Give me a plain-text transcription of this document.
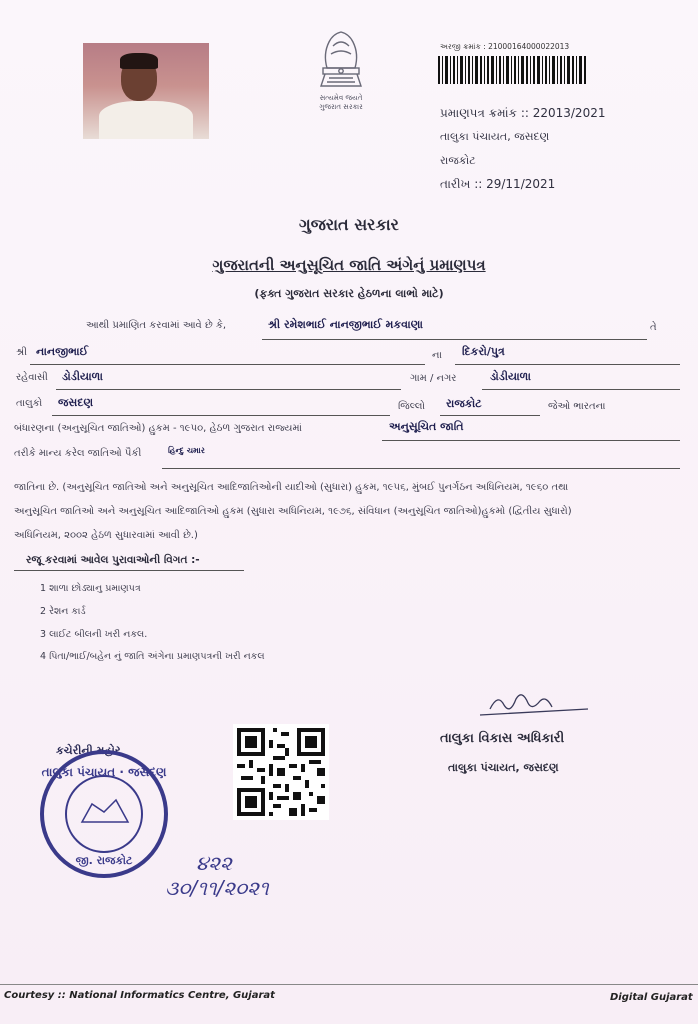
સત્યમેવ જયતે
ગુજરાત સરકાર
અરજી ક્રમાંક : 21000164000022013
પ્રમાણપત્ર ક્રમાંક :: 22013/2021
તાલુકા પંચાયત, જસદણ
રાજકોટ
તારીખ :: 29/11/2021
ગુજરાત સરકાર
ગુજરાતની અનુસૂચિત જાતિ અંગેનું પ્રમાણપત્ર
(ફક્ત ગુજરાત સરકાર હેઠળના લાભો માટે)
આથી પ્રમાણિત કરવામાં આવે છે કે,	શ્રી રમેશભાઈ નાનજીભાઈ મકવાણા	તે
શ્રી નાનજીભાઈ	ના દિકરો/પુત્ર
રહેવાસી ડોડીયાળા	ગામ / નગર	ડોડીયાળા
તાલુકો જસદણ	જિલ્લો રાજકોટ	જેઓ ભારતના
બંધારણના (અનુસૂચિત જાતિઓ) હુકમ - ૧૯૫૦, હેઠળ ગુજરાત રાજ્યમાં	અનુસૂચિત જાતિ
તરીકે માન્ય કરેલ જાતિઓ પૈકી	હિન્દુ ચમાર
જાતિના છે. (અનુસૂચિત જાતિઓ અને અનુસૂચિત આદિજાતિઓની યાદીઓ (સુધારા) હુકમ, ૧૯૫૬, મુંબઈ પુનર્ગઠન અધિનિયમ, ૧૯૬૦ તથા
અનુસૂચિત જાતિઓ અને અનુસૂચિત આદિજાતિઓ હુકમ (સુધારા અધિનિયમ, ૧૯૭૬, સંવિધાન (અનુસૂચિત જાતિઓ)હુકમો (દ્વિતીય સુધારો)
અધિનિયમ, ૨૦૦૨ હેઠળ સુધારવામાં આવી છે.)
રજૂ કરવામાં આવેલ પુરાવાઓની વિગત :-
1 શાળા છોડ્યાનુ પ્રમાણપત્ર
2 રેશન કાર્ડ
3 લાઈટ બીલની ખરી નકલ.
4 પિતા/ભાઈ/બહેન નું જાતિ અંગેના પ્રમાણપત્રની ખરી નકલ
તાલુકા વિકાસ અધિકારી
તાલુકા પંચાયત, જસદણ
કચેરીની મહોર
તાલુકા પંચાયત · જસદણ
જી. રાજકોટ	૪૨૨
૩૦/૧૧/૨૦૨૧
Courtesy :: National Informatics Centre, Gujarat	Digital Gujarat
